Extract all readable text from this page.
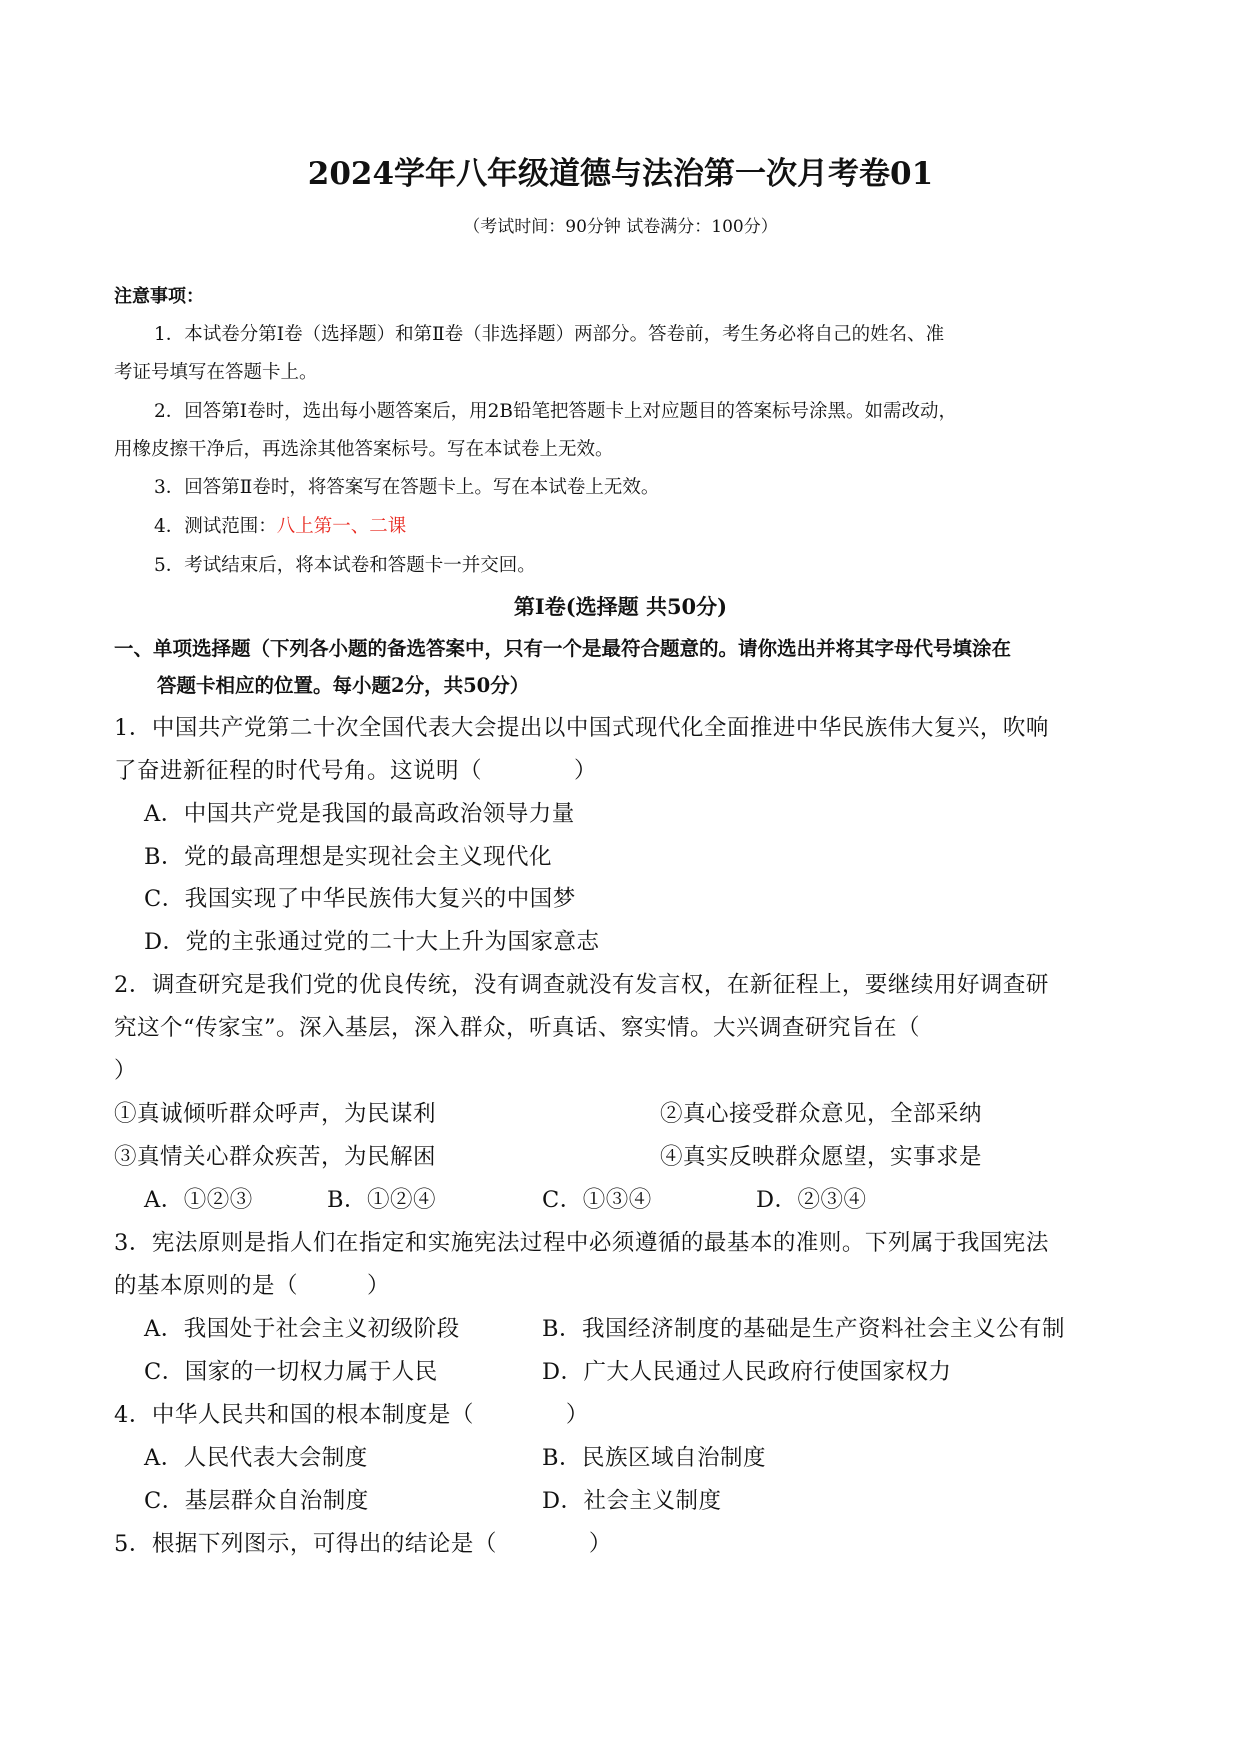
2024学年八年级道德与法治第一次月考卷01
（考试时间：90分钟 试卷满分：100分）
注意事项：
1．本试卷分第Ⅰ卷（选择题）和第Ⅱ卷（非选择题）两部分。答卷前，考生务必将自己的姓名、准
考证号填写在答题卡上。
2．回答第Ⅰ卷时，选出每小题答案后，用2B铅笔把答题卡上对应题目的答案标号涂黑。如需改动，
用橡皮擦干净后，再选涂其他答案标号。写在本试卷上无效。
3．回答第Ⅱ卷时，将答案写在答题卡上。写在本试卷上无效。
4．测试范围：八上第一、二课
5．考试结束后，将本试卷和答题卡一并交回。
第Ⅰ卷(选择题 共50分)
一、单项选择题（下列各小题的备选答案中，只有一个是最符合题意的。请你选出并将其字母代号填涂在
答题卡相应的位置。每小题2分，共50分）
1．中国共产党第二十次全国代表大会提出以中国式现代化全面推进中华民族伟大复兴，吹响
了奋进新征程的时代号角。这说明（　　　　）
A．中国共产党是我国的最高政治领导力量
B．党的最高理想是实现社会主义现代化
C．我国实现了中华民族伟大复兴的中国梦
D．党的主张通过党的二十大上升为国家意志
2．调查研究是我们党的优良传统，没有调查就没有发言权，在新征程上，要继续用好调查研
究这个“传家宝”。深入基层，深入群众，听真话、察实情。大兴调查研究旨在（
）
①真诚倾听群众呼声，为民谋利	②真心接受群众意见，全部采纳
③真情关心群众疾苦，为民解困	④真实反映群众愿望，实事求是
A．①②③	B．①②④	C．①③④	D．②③④
3．宪法原则是指人们在指定和实施宪法过程中必须遵循的最基本的准则。下列属于我国宪法
的基本原则的是（　　　）
A．我国处于社会主义初级阶段	B．我国经济制度的基础是生产资料社会主义公有制
C．国家的一切权力属于人民	D．广大人民通过人民政府行使国家权力
4．中华人民共和国的根本制度是（　　　　）
A．人民代表大会制度	B．民族区域自治制度
C．基层群众自治制度	D．社会主义制度
5．根据下列图示，可得出的结论是（　　　　）
